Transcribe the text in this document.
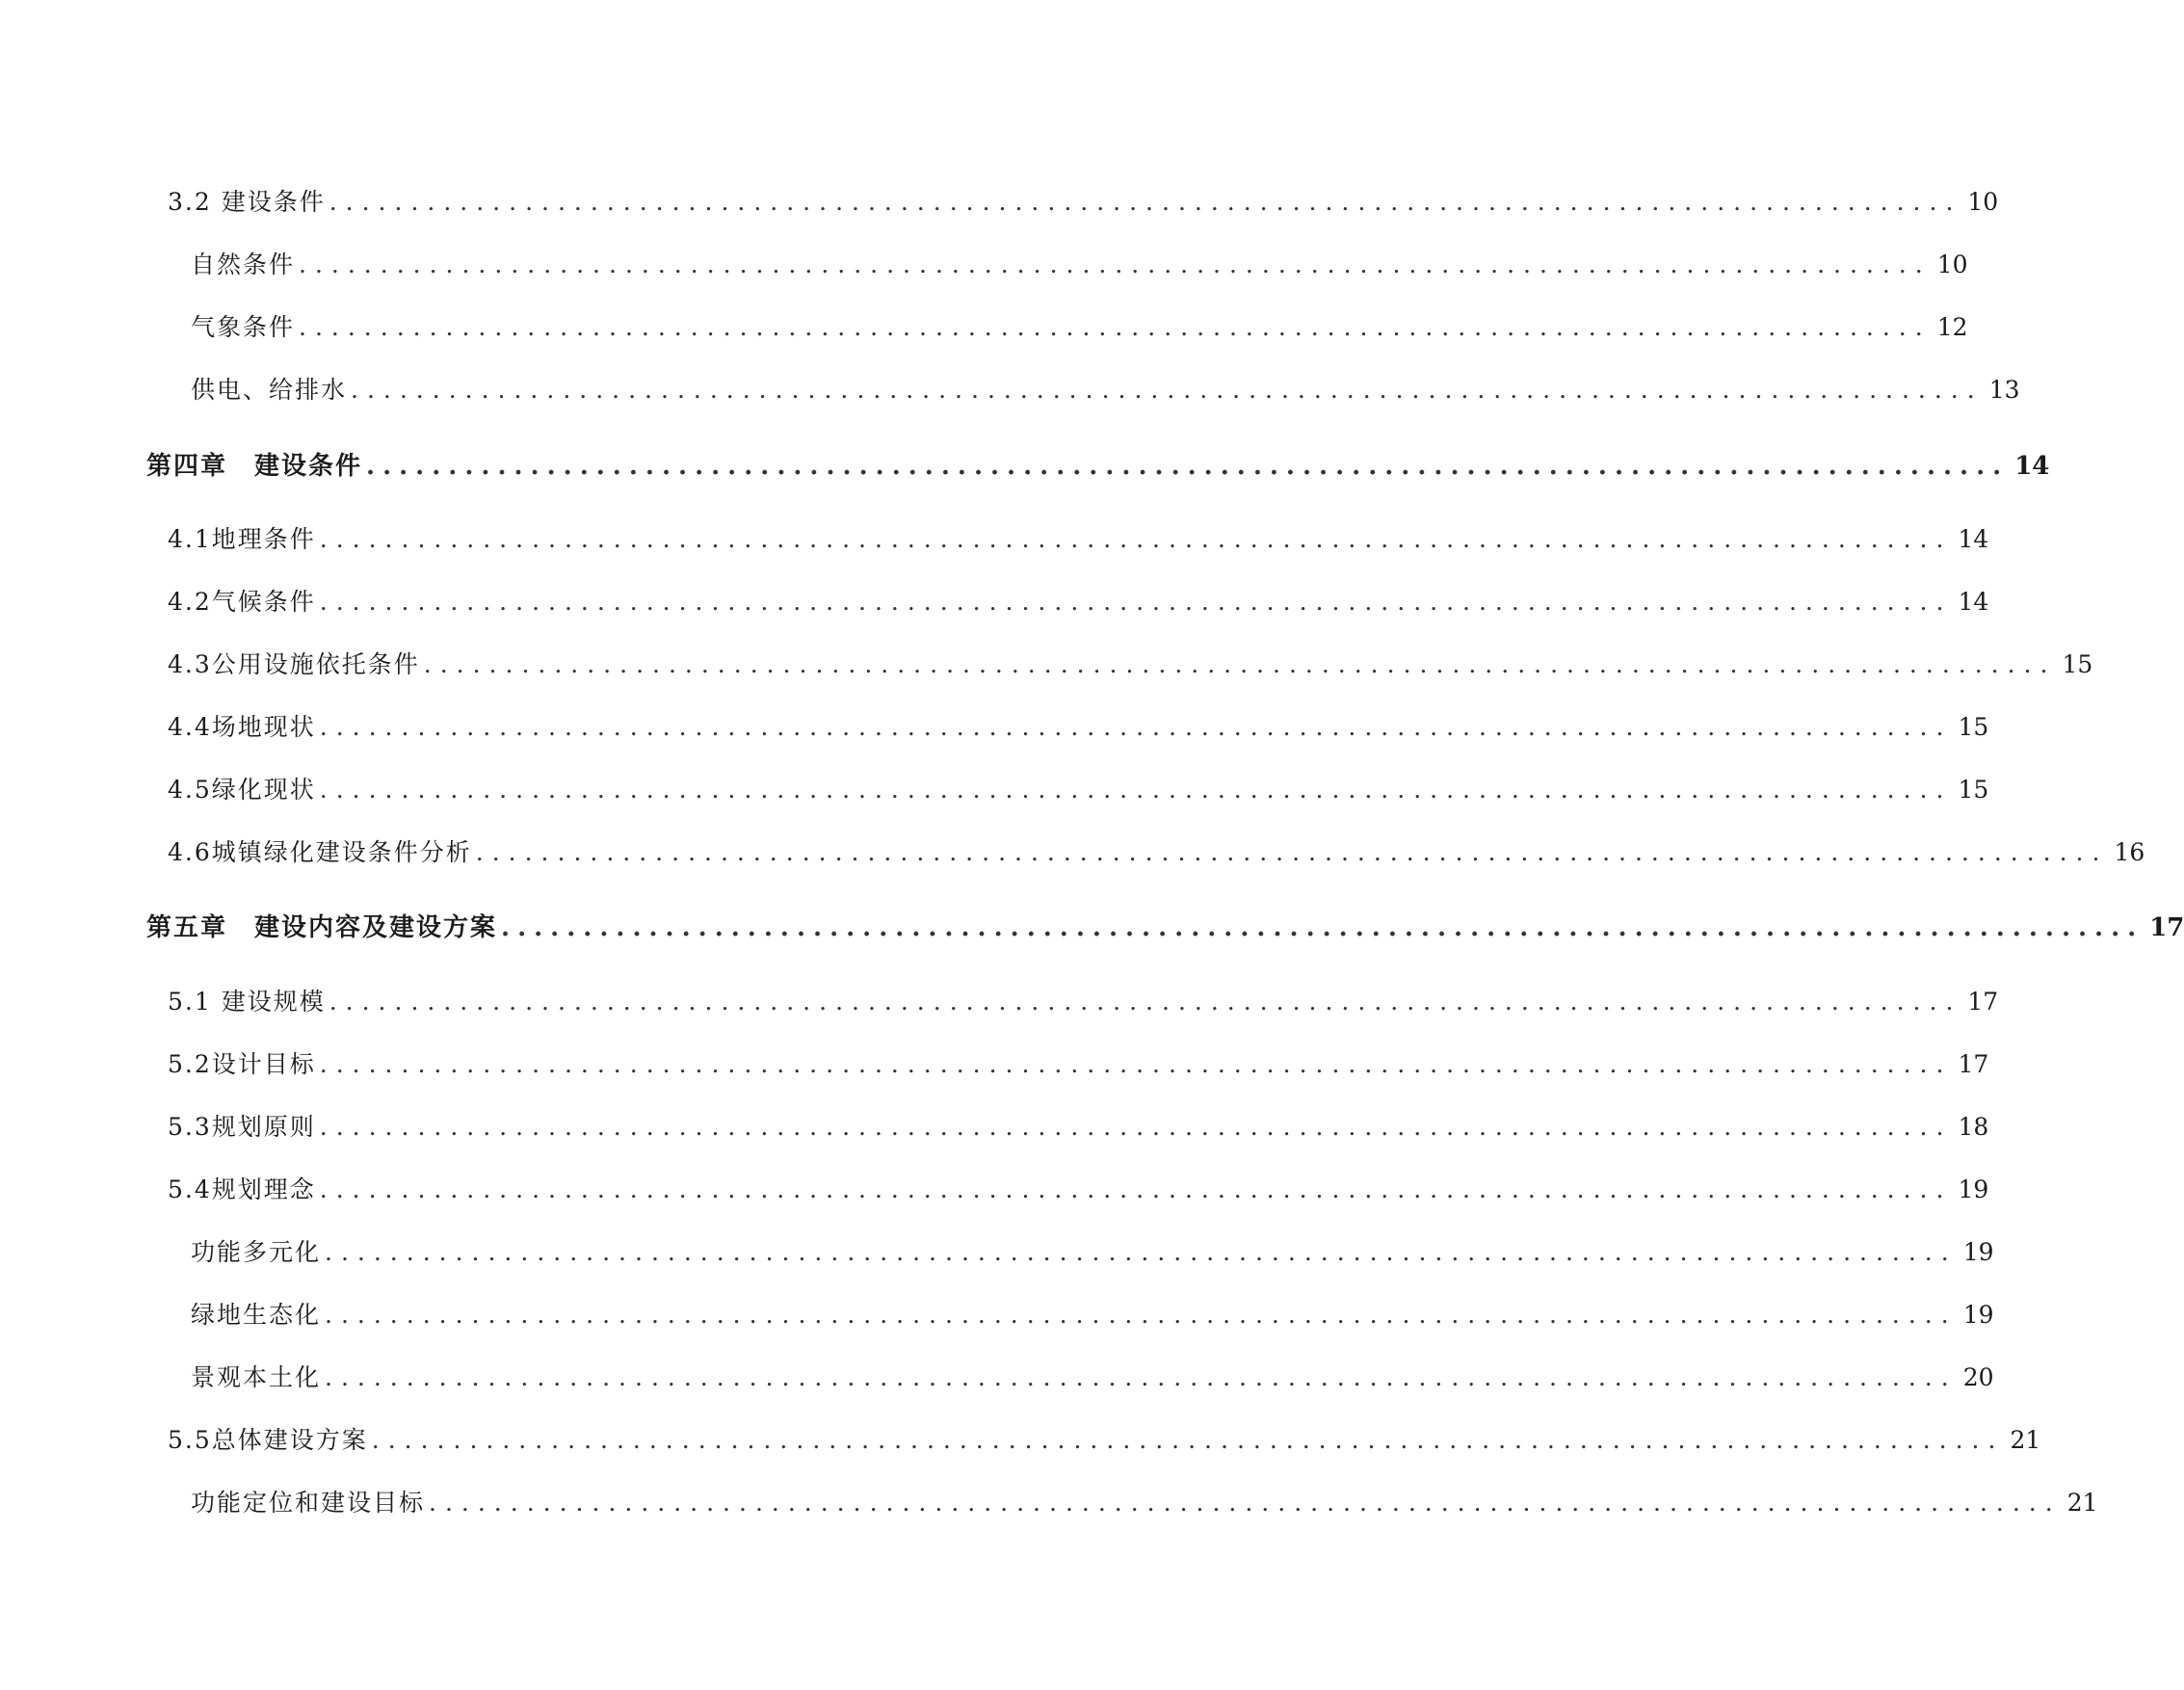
3.2 建设条件 .................................................................................................... 10
自然条件 .................................................................................................... 10
气象条件 .................................................................................................... 12
供电、给排水 .................................................................................................... 13
第四章 建设条件 .................................................................................................... 14
4.1地理条件 .................................................................................................... 14
4.2气候条件 .................................................................................................... 14
4.3公用设施依托条件 .................................................................................................... 15
4.4场地现状 .................................................................................................... 15
4.5绿化现状 .................................................................................................... 15
4.6城镇绿化建设条件分析 .................................................................................................... 16
第五章 建设内容及建设方案 .................................................................................................... 17
5.1 建设规模 .................................................................................................... 17
5.2设计目标 .................................................................................................... 17
5.3规划原则 .................................................................................................... 18
5.4规划理念 .................................................................................................... 19
功能多元化 .................................................................................................... 19
绿地生态化 .................................................................................................... 19
景观本土化 .................................................................................................... 20
5.5总体建设方案 .................................................................................................... 21
功能定位和建设目标 .................................................................................................... 21
